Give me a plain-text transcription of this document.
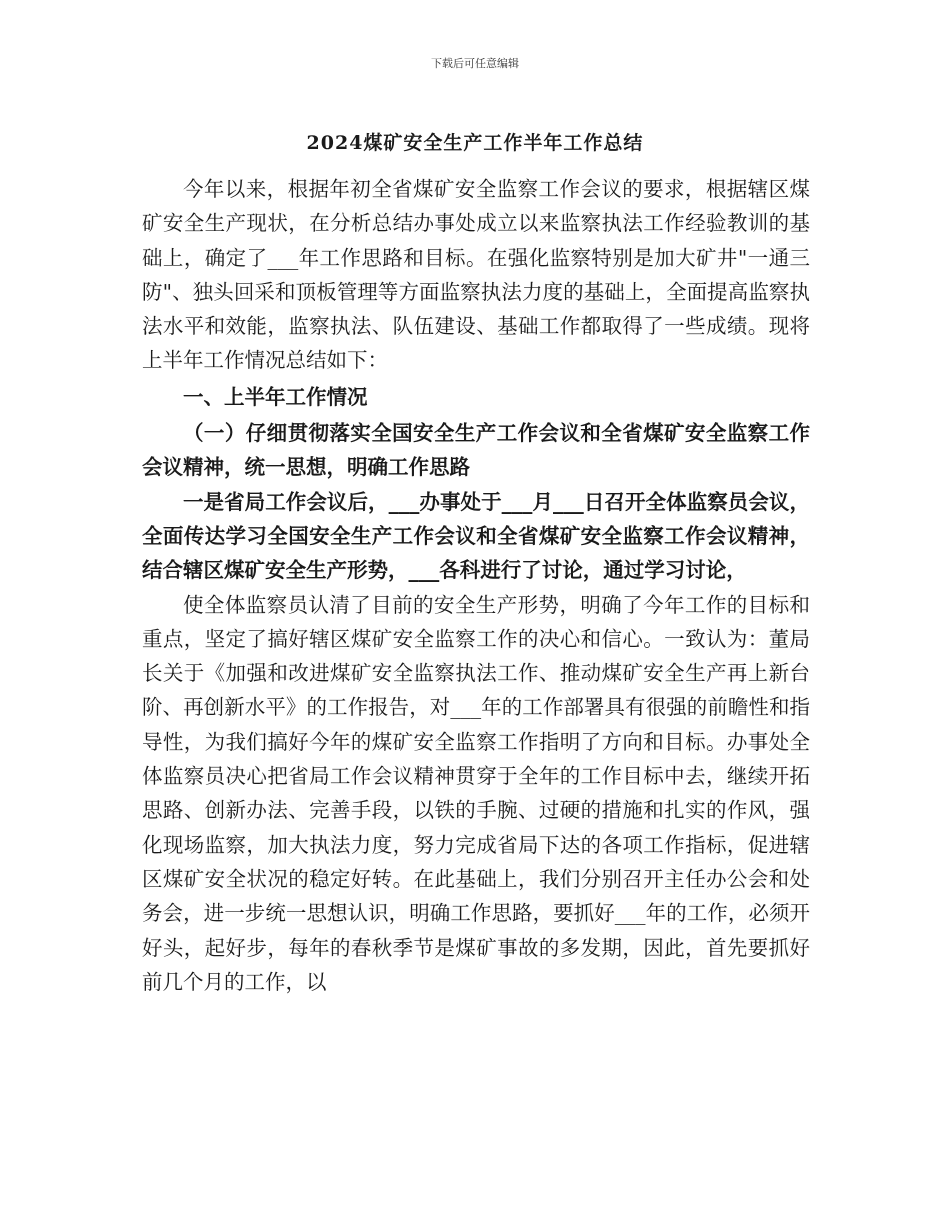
下载后可任意编辑
2024煤矿安全生产工作半年工作总结

今年以来，根据年初全省煤矿安全监察工作会议的要求，根据辖区煤矿安全生产现状，在分析总结办事处成立以来监察执法工作经验教训的基础上，确定了___年工作思路和目标。在强化监察特别是加大矿井"一通三防"、独头回采和顶板管理等方面监察执法力度的基础上，全面提高监察执法水平和效能，监察执法、队伍建设、基础工作都取得了一些成绩。现将上半年工作情况总结如下：

一、上半年工作情况

（一）仔细贯彻落实全国安全生产工作会议和全省煤矿安全监察工作会议精神，统一思想，明确工作思路

一是省局工作会议后，___办事处于___月___日召开全体监察员会议，全面传达学习全国安全生产工作会议和全省煤矿安全监察工作会议精神，结合辖区煤矿安全生产形势，___各科进行了讨论，通过学习讨论，

使全体监察员认清了目前的安全生产形势，明确了今年工作的目标和重点，坚定了搞好辖区煤矿安全监察工作的决心和信心。一致认为：董局长关于《加强和改进煤矿安全监察执法工作、推动煤矿安全生产再上新台阶、再创新水平》的工作报告，对___年的工作部署具有很强的前瞻性和指导性，为我们搞好今年的煤矿安全监察工作指明了方向和目标。办事处全体监察员决心把省局工作会议精神贯穿于全年的工作目标中去，继续开拓思路、创新办法、完善手段，以铁的手腕、过硬的措施和扎实的作风，强化现场监察，加大执法力度，努力完成省局下达的各项工作指标，促进辖区煤矿安全状况的稳定好转。在此基础上，我们分别召开主任办公会和处务会，进一步统一思想认识，明确工作思路，要抓好___年的工作，必须开好头，起好步，每年的春秋季节是煤矿事故的多发期，因此，首先要抓好前几个月的工作，以
